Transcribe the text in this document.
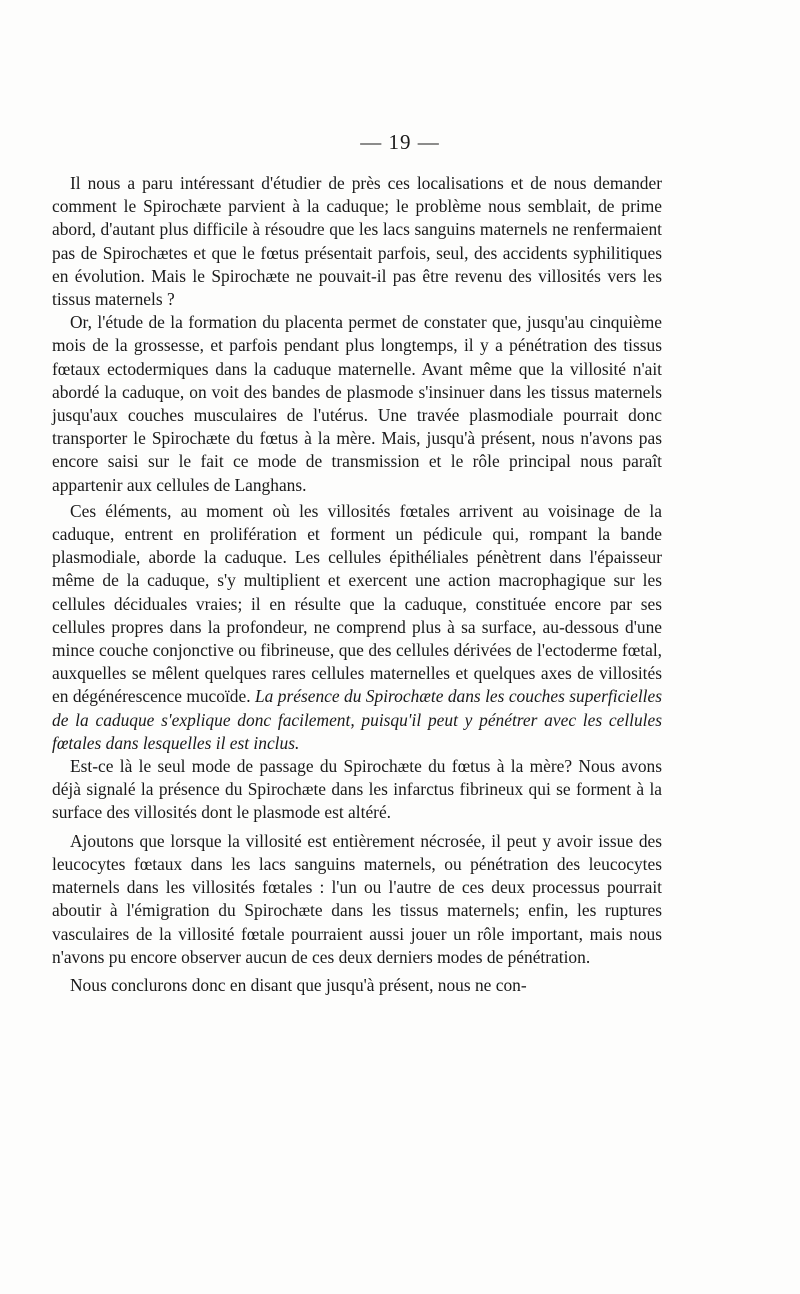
— 19 —

Il nous a paru intéressant d'étudier de près ces localisations et de nous demander comment le Spirochæte parvient à la caduque; le problème nous semblait, de prime abord, d'autant plus difficile à résoudre que les lacs sanguins maternels ne renfermaient pas de Spirochætes et que le fœtus présentait parfois, seul, des accidents syphilitiques en évolution. Mais le Spirochæte ne pouvait-il pas être revenu des villosités vers les tissus maternels ?

Or, l'étude de la formation du placenta permet de constater que, jusqu'au cinquième mois de la grossesse, et parfois pendant plus longtemps, il y a pénétration des tissus fœtaux ectodermiques dans la caduque maternelle. Avant même que la villosité n'ait abordé la caduque, on voit des bandes de plasmode s'insinuer dans les tissus maternels jusqu'aux couches musculaires de l'utérus. Une travée plasmodiale pourrait donc transporter le Spirochæte du fœtus à la mère. Mais, jusqu'à présent, nous n'avons pas encore saisi sur le fait ce mode de transmission et le rôle principal nous paraît appartenir aux cellules de Langhans.

Ces éléments, au moment où les villosités fœtales arrivent au voisinage de la caduque, entrent en prolifération et forment un pédicule qui, rompant la bande plasmodiale, aborde la caduque. Les cellules épithéliales pénètrent dans l'épaisseur même de la caduque, s'y multiplient et exercent une action macrophagique sur les cellules déciduales vraies; il en résulte que la caduque, constituée encore par ses cellules propres dans la profondeur, ne comprend plus à sa surface, au-dessous d'une mince couche conjonctive ou fibrineuse, que des cellules dérivées de l'ectoderme fœtal, auxquelles se mêlent quelques rares cellules maternelles et quelques axes de villosités en dégénérescence mucoïde. La présence du Spirochæte dans les couches superficielles de la caduque s'explique donc facilement, puisqu'il peut y pénétrer avec les cellules fœtales dans lesquelles il est inclus.

Est-ce là le seul mode de passage du Spirochæte du fœtus à la mère? Nous avons déjà signalé la présence du Spirochæte dans les infarctus fibrineux qui se forment à la surface des villosités dont le plasmode est altéré.

Ajoutons que lorsque la villosité est entièrement nécrosée, il peut y avoir issue des leucocytes fœtaux dans les lacs sanguins maternels, ou pénétration des leucocytes maternels dans les villosités fœtales : l'un ou l'autre de ces deux processus pourrait aboutir à l'émigration du Spirochæte dans les tissus maternels; enfin, les ruptures vasculaires de la villosité fœtale pourraient aussi jouer un rôle important, mais nous n'avons pu encore observer aucun de ces deux derniers modes de pénétration.

Nous conclurons donc en disant que jusqu'à présent, nous ne con-
